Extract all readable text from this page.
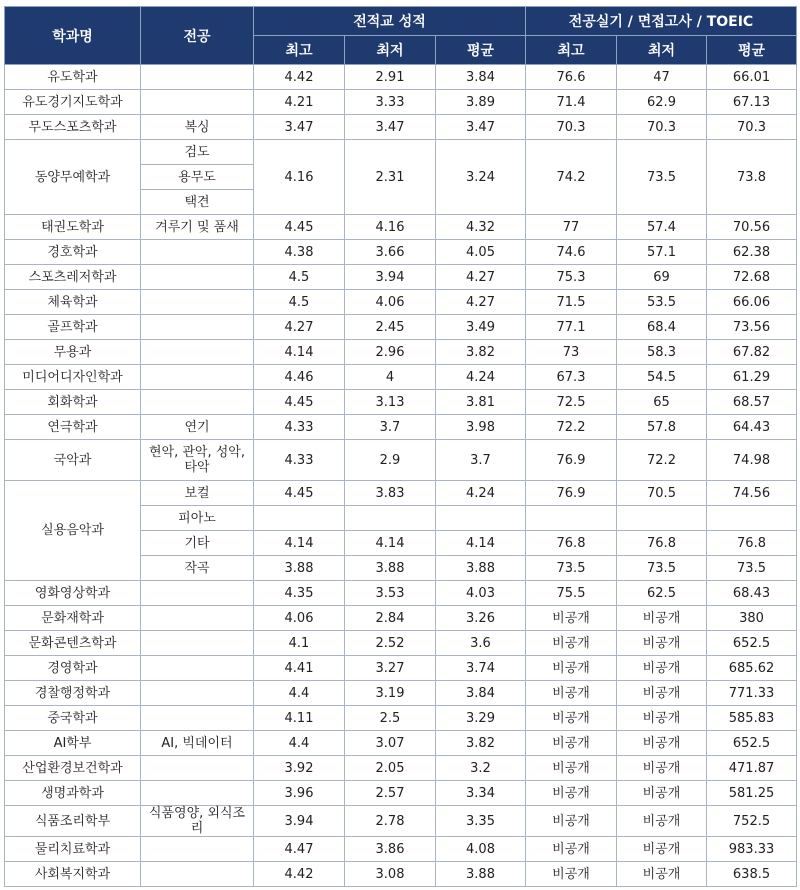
학과명	전공	전적교 성적			전공실기 / 면접고사 / TOEIC		
		최고	최저	평균	최고	최저	평균
유도학과		4.42	2.91	3.84	76.6	47	66.01
유도경기지도학과		4.21	3.33	3.89	71.4	62.9	67.13
무도스포츠학과	복싱	3.47	3.47	3.47	70.3	70.3	70.3
동양무예학과	검도	4.16	2.31	3.24	74.2	73.5	73.8
	용무도						
	택견						
태권도학과	겨루기 및 품새	4.45	4.16	4.32	77	57.4	70.56
경호학과		4.38	3.66	4.05	74.6	57.1	62.38
스포츠레저학과		4.5	3.94	4.27	75.3	69	72.68
체육학과		4.5	4.06	4.27	71.5	53.5	66.06
골프학과		4.27	2.45	3.49	77.1	68.4	73.56
무용과		4.14	2.96	3.82	73	58.3	67.82
미디어디자인학과		4.46	4	4.24	67.3	54.5	61.29
회화학과		4.45	3.13	3.81	72.5	65	68.57
연극학과	연기	4.33	3.7	3.98	72.2	57.8	64.43
국악과	현악, 관악, 성악, 타악	4.33	2.9	3.7	76.9	72.2	74.98
실용음악과	보컬	4.45	3.83	4.24	76.9	70.5	74.56
	피아노						
	기타	4.14	4.14	4.14	76.8	76.8	76.8
	작곡	3.88	3.88	3.88	73.5	73.5	73.5
영화영상학과		4.35	3.53	4.03	75.5	62.5	68.43
문화재학과		4.06	2.84	3.26	비공개	비공개	380
문화콘텐츠학과		4.1	2.52	3.6	비공개	비공개	652.5
경영학과		4.41	3.27	3.74	비공개	비공개	685.62
경찰행정학과		4.4	3.19	3.84	비공개	비공개	771.33
중국학과		4.11	2.5	3.29	비공개	비공개	585.83
AI학부	AI, 빅데이터	4.4	3.07	3.82	비공개	비공개	652.5
산업환경보건학과		3.92	2.05	3.2	비공개	비공개	471.87
생명과학과		3.96	2.57	3.34	비공개	비공개	581.25
식품조리학부	식품영양, 외식조리	3.94	2.78	3.35	비공개	비공개	752.5
물리치료학과		4.47	3.86	4.08	비공개	비공개	983.33
사회복지학과		4.42	3.08	3.88	비공개	비공개	638.5
